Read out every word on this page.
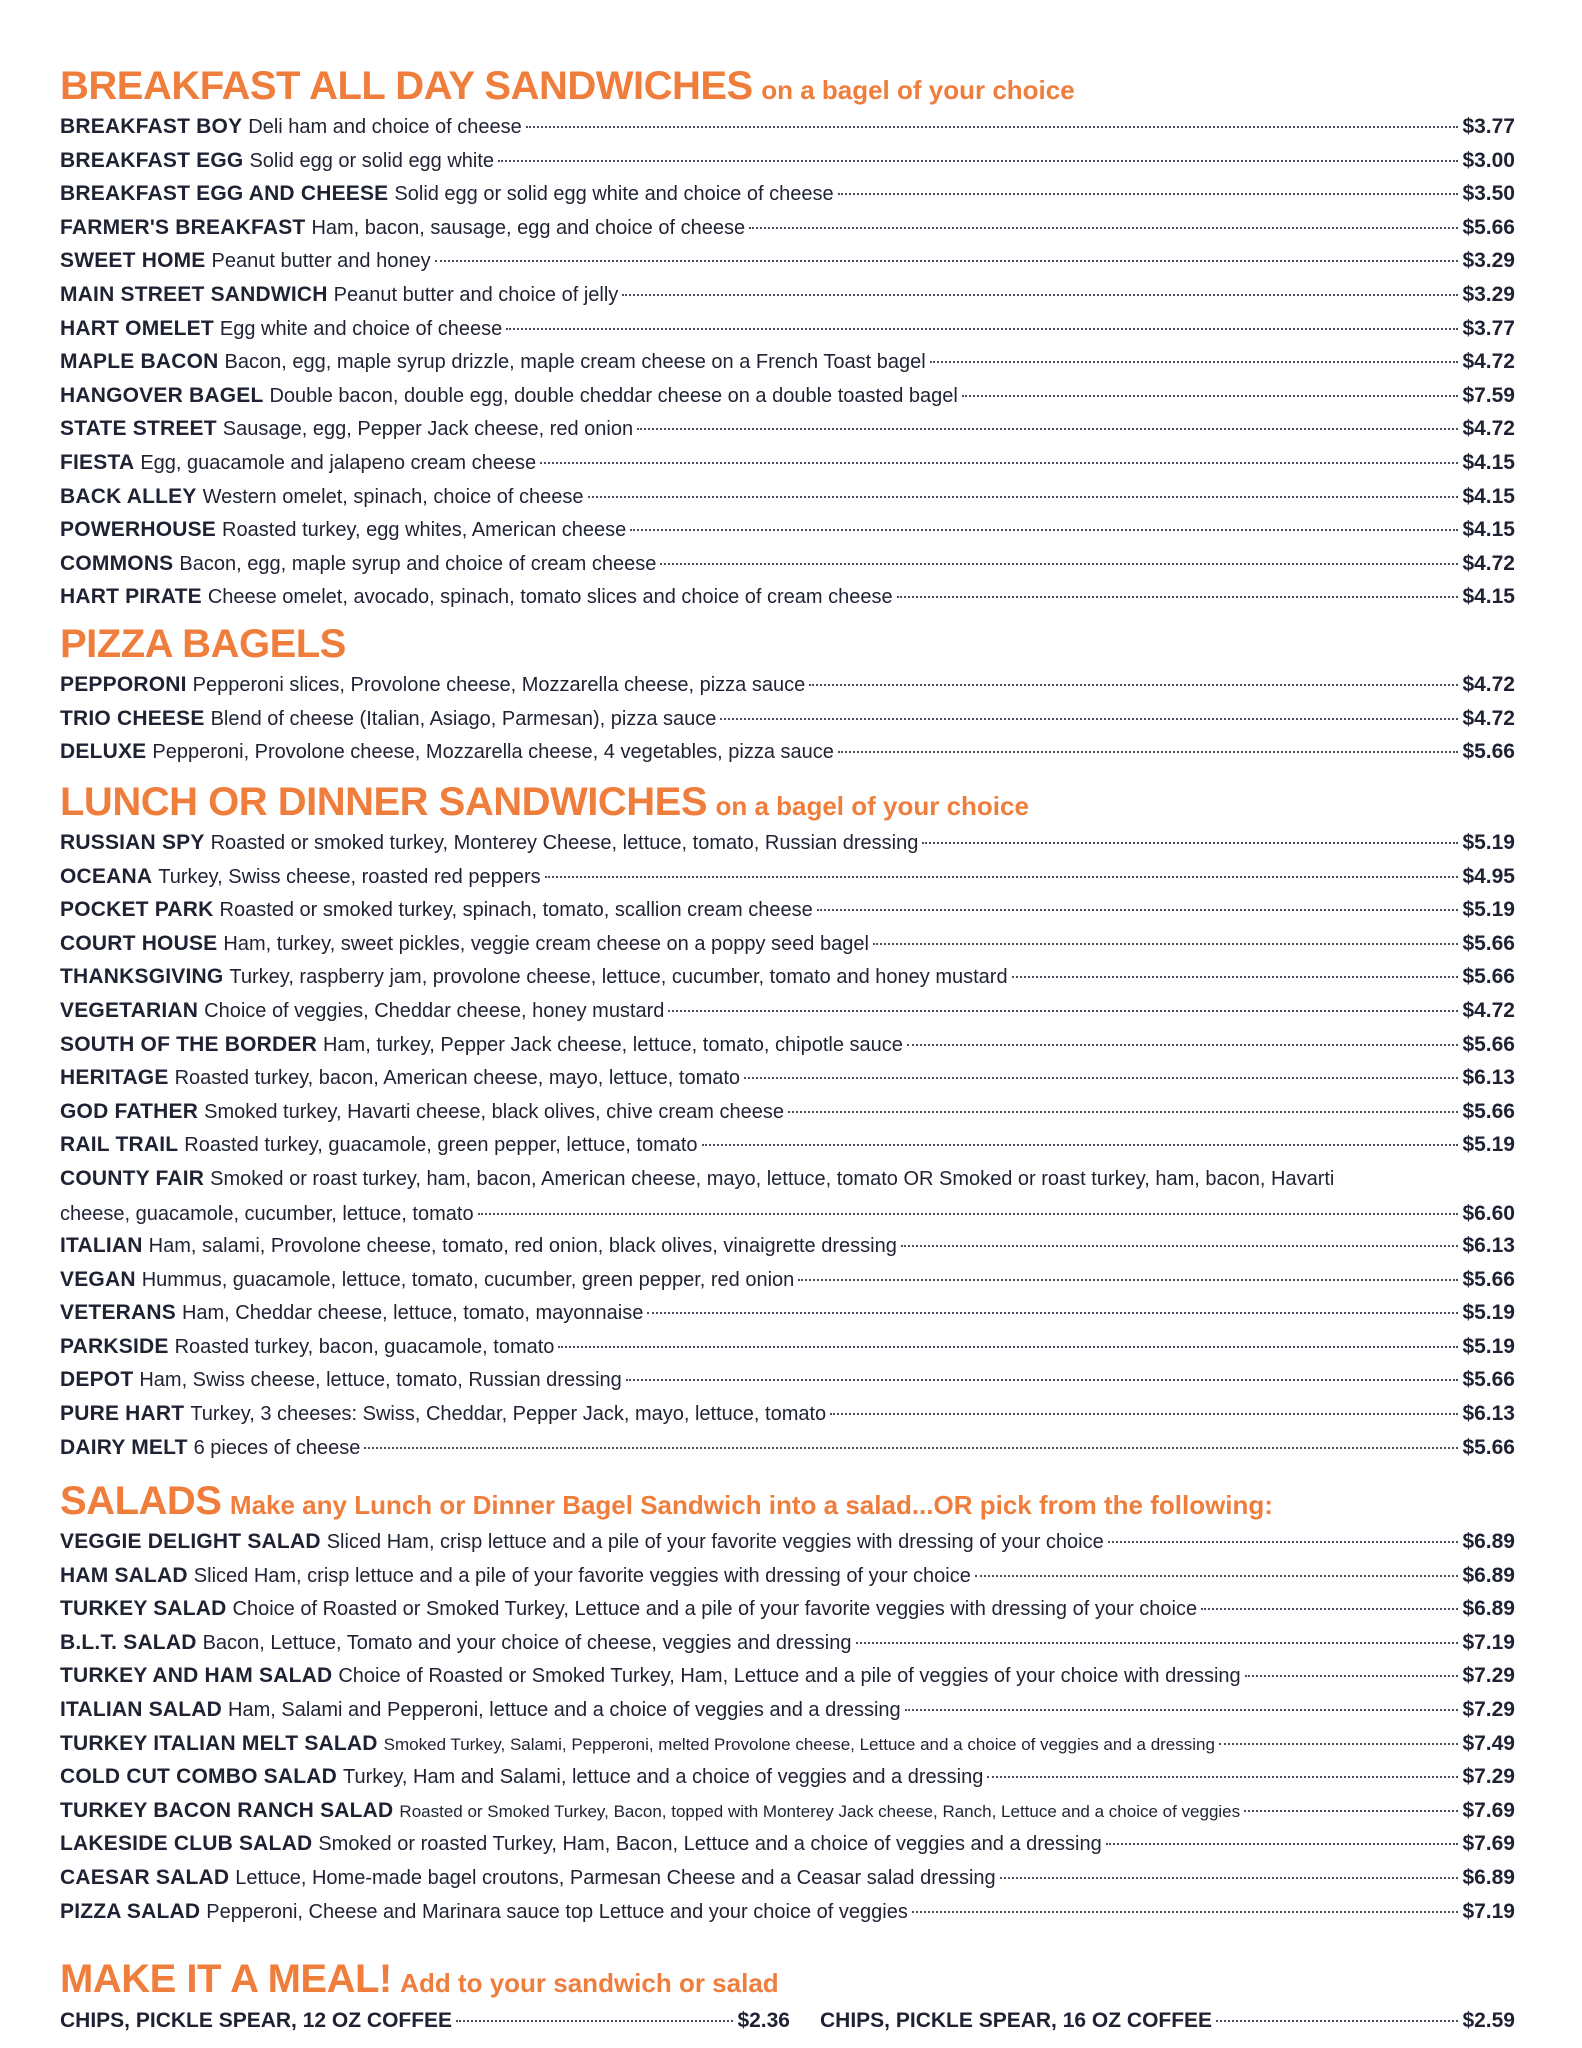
BREAKFAST ALL DAY SANDWICHES on a bagel of your choice
BREAKFAST BOY Deli ham and choice of cheese	$3.77
BREAKFAST EGG Solid egg or solid egg white	$3.00
BREAKFAST EGG AND CHEESE Solid egg or solid egg white and choice of cheese	$3.50
FARMER'S BREAKFAST Ham, bacon, sausage, egg and choice of cheese	$5.66
SWEET HOME Peanut butter and honey	$3.29
MAIN STREET SANDWICH Peanut butter and choice of jelly	$3.29
HART OMELET Egg white and choice of cheese	$3.77
MAPLE BACON Bacon, egg, maple syrup drizzle, maple cream cheese on a French Toast bagel	$4.72
HANGOVER BAGEL Double bacon, double egg, double cheddar cheese on a double toasted bagel	$7.59
STATE STREET Sausage, egg, Pepper Jack cheese, red onion	$4.72
FIESTA Egg, guacamole and jalapeno cream cheese	$4.15
BACK ALLEY Western omelet, spinach, choice of cheese	$4.15
POWERHOUSE Roasted turkey, egg whites, American cheese	$4.15
COMMONS Bacon, egg, maple syrup and choice of cream cheese	$4.72
HART PIRATE Cheese omelet, avocado, spinach, tomato slices and choice of cream cheese	$4.15
PIZZA BAGELS
PEPPORONI Pepperoni slices, Provolone cheese, Mozzarella cheese, pizza sauce	$4.72
TRIO CHEESE Blend of cheese (Italian, Asiago, Parmesan), pizza sauce	$4.72
DELUXE Pepperoni, Provolone cheese, Mozzarella cheese, 4 vegetables, pizza sauce	$5.66
LUNCH OR DINNER SANDWICHES on a bagel of your choice
RUSSIAN SPY Roasted or smoked turkey, Monterey Cheese, lettuce, tomato, Russian dressing	$5.19
OCEANA Turkey, Swiss cheese, roasted red peppers	$4.95
POCKET PARK Roasted or smoked turkey, spinach, tomato, scallion cream cheese	$5.19
COURT HOUSE Ham, turkey, sweet pickles, veggie cream cheese on a poppy seed bagel	$5.66
THANKSGIVING Turkey, raspberry jam, provolone cheese, lettuce, cucumber, tomato and honey mustard	$5.66
VEGETARIAN Choice of veggies, Cheddar cheese, honey mustard	$4.72
SOUTH OF THE BORDER Ham, turkey, Pepper Jack cheese, lettuce, tomato, chipotle sauce	$5.66
HERITAGE Roasted turkey, bacon, American cheese, mayo, lettuce, tomato	$6.13
GOD FATHER Smoked turkey, Havarti cheese, black olives, chive cream cheese	$5.66
RAIL TRAIL Roasted turkey, guacamole, green pepper, lettuce, tomato	$5.19
COUNTY FAIR Smoked or roast turkey, ham, bacon, American cheese, mayo, lettuce, tomato OR Smoked or roast turkey, ham, bacon, Havarti
cheese, guacamole, cucumber, lettuce, tomato	$6.60
ITALIAN Ham, salami, Provolone cheese, tomato, red onion, black olives, vinaigrette dressing	$6.13
VEGAN Hummus, guacamole, lettuce, tomato, cucumber, green pepper, red onion	$5.66
VETERANS Ham, Cheddar cheese, lettuce, tomato, mayonnaise	$5.19
PARKSIDE Roasted turkey, bacon, guacamole, tomato	$5.19
DEPOT Ham, Swiss cheese, lettuce, tomato, Russian dressing	$5.66
PURE HART Turkey, 3 cheeses: Swiss, Cheddar, Pepper Jack, mayo, lettuce, tomato	$6.13
DAIRY MELT 6 pieces of cheese	$5.66
SALADS Make any Lunch or Dinner Bagel Sandwich into a salad...OR pick from the following:
VEGGIE DELIGHT SALAD Sliced Ham, crisp lettuce and a pile of your favorite veggies with dressing of your choice	$6.89
HAM SALAD Sliced Ham, crisp lettuce and a pile of your favorite veggies with dressing of your choice	$6.89
TURKEY SALAD Choice of Roasted or Smoked Turkey, Lettuce and a pile of your favorite veggies with dressing of your choice	$6.89
B.L.T. SALAD Bacon, Lettuce, Tomato and your choice of cheese, veggies and dressing	$7.19
TURKEY AND HAM SALAD Choice of Roasted or Smoked Turkey, Ham, Lettuce and a pile of veggies of your choice with dressing	$7.29
ITALIAN SALAD Ham, Salami and Pepperoni, lettuce and a choice of veggies and a dressing	$7.29
TURKEY ITALIAN MELT SALAD Smoked Turkey, Salami, Pepperoni, melted Provolone cheese, Lettuce and a choice of veggies and a dressing	$7.49
COLD CUT COMBO SALAD Turkey, Ham and Salami, lettuce and a choice of veggies and a dressing	$7.29
TURKEY BACON RANCH SALAD Roasted or Smoked Turkey, Bacon, topped with Monterey Jack cheese, Ranch, Lettuce and a choice of veggies	$7.69
LAKESIDE CLUB SALAD Smoked or roasted Turkey, Ham, Bacon, Lettuce and a choice of veggies and a dressing	$7.69
CAESAR SALAD Lettuce, Home-made bagel croutons, Parmesan Cheese and a Ceasar salad dressing	$6.89
PIZZA SALAD Pepperoni, Cheese and Marinara sauce top Lettuce and your choice of veggies	$7.19
MAKE IT A MEAL! Add to your sandwich or salad
CHIPS, PICKLE SPEAR, 12 OZ COFFEE	$2.36 CHIPS, PICKLE SPEAR, 16 OZ COFFEE	$2.59
